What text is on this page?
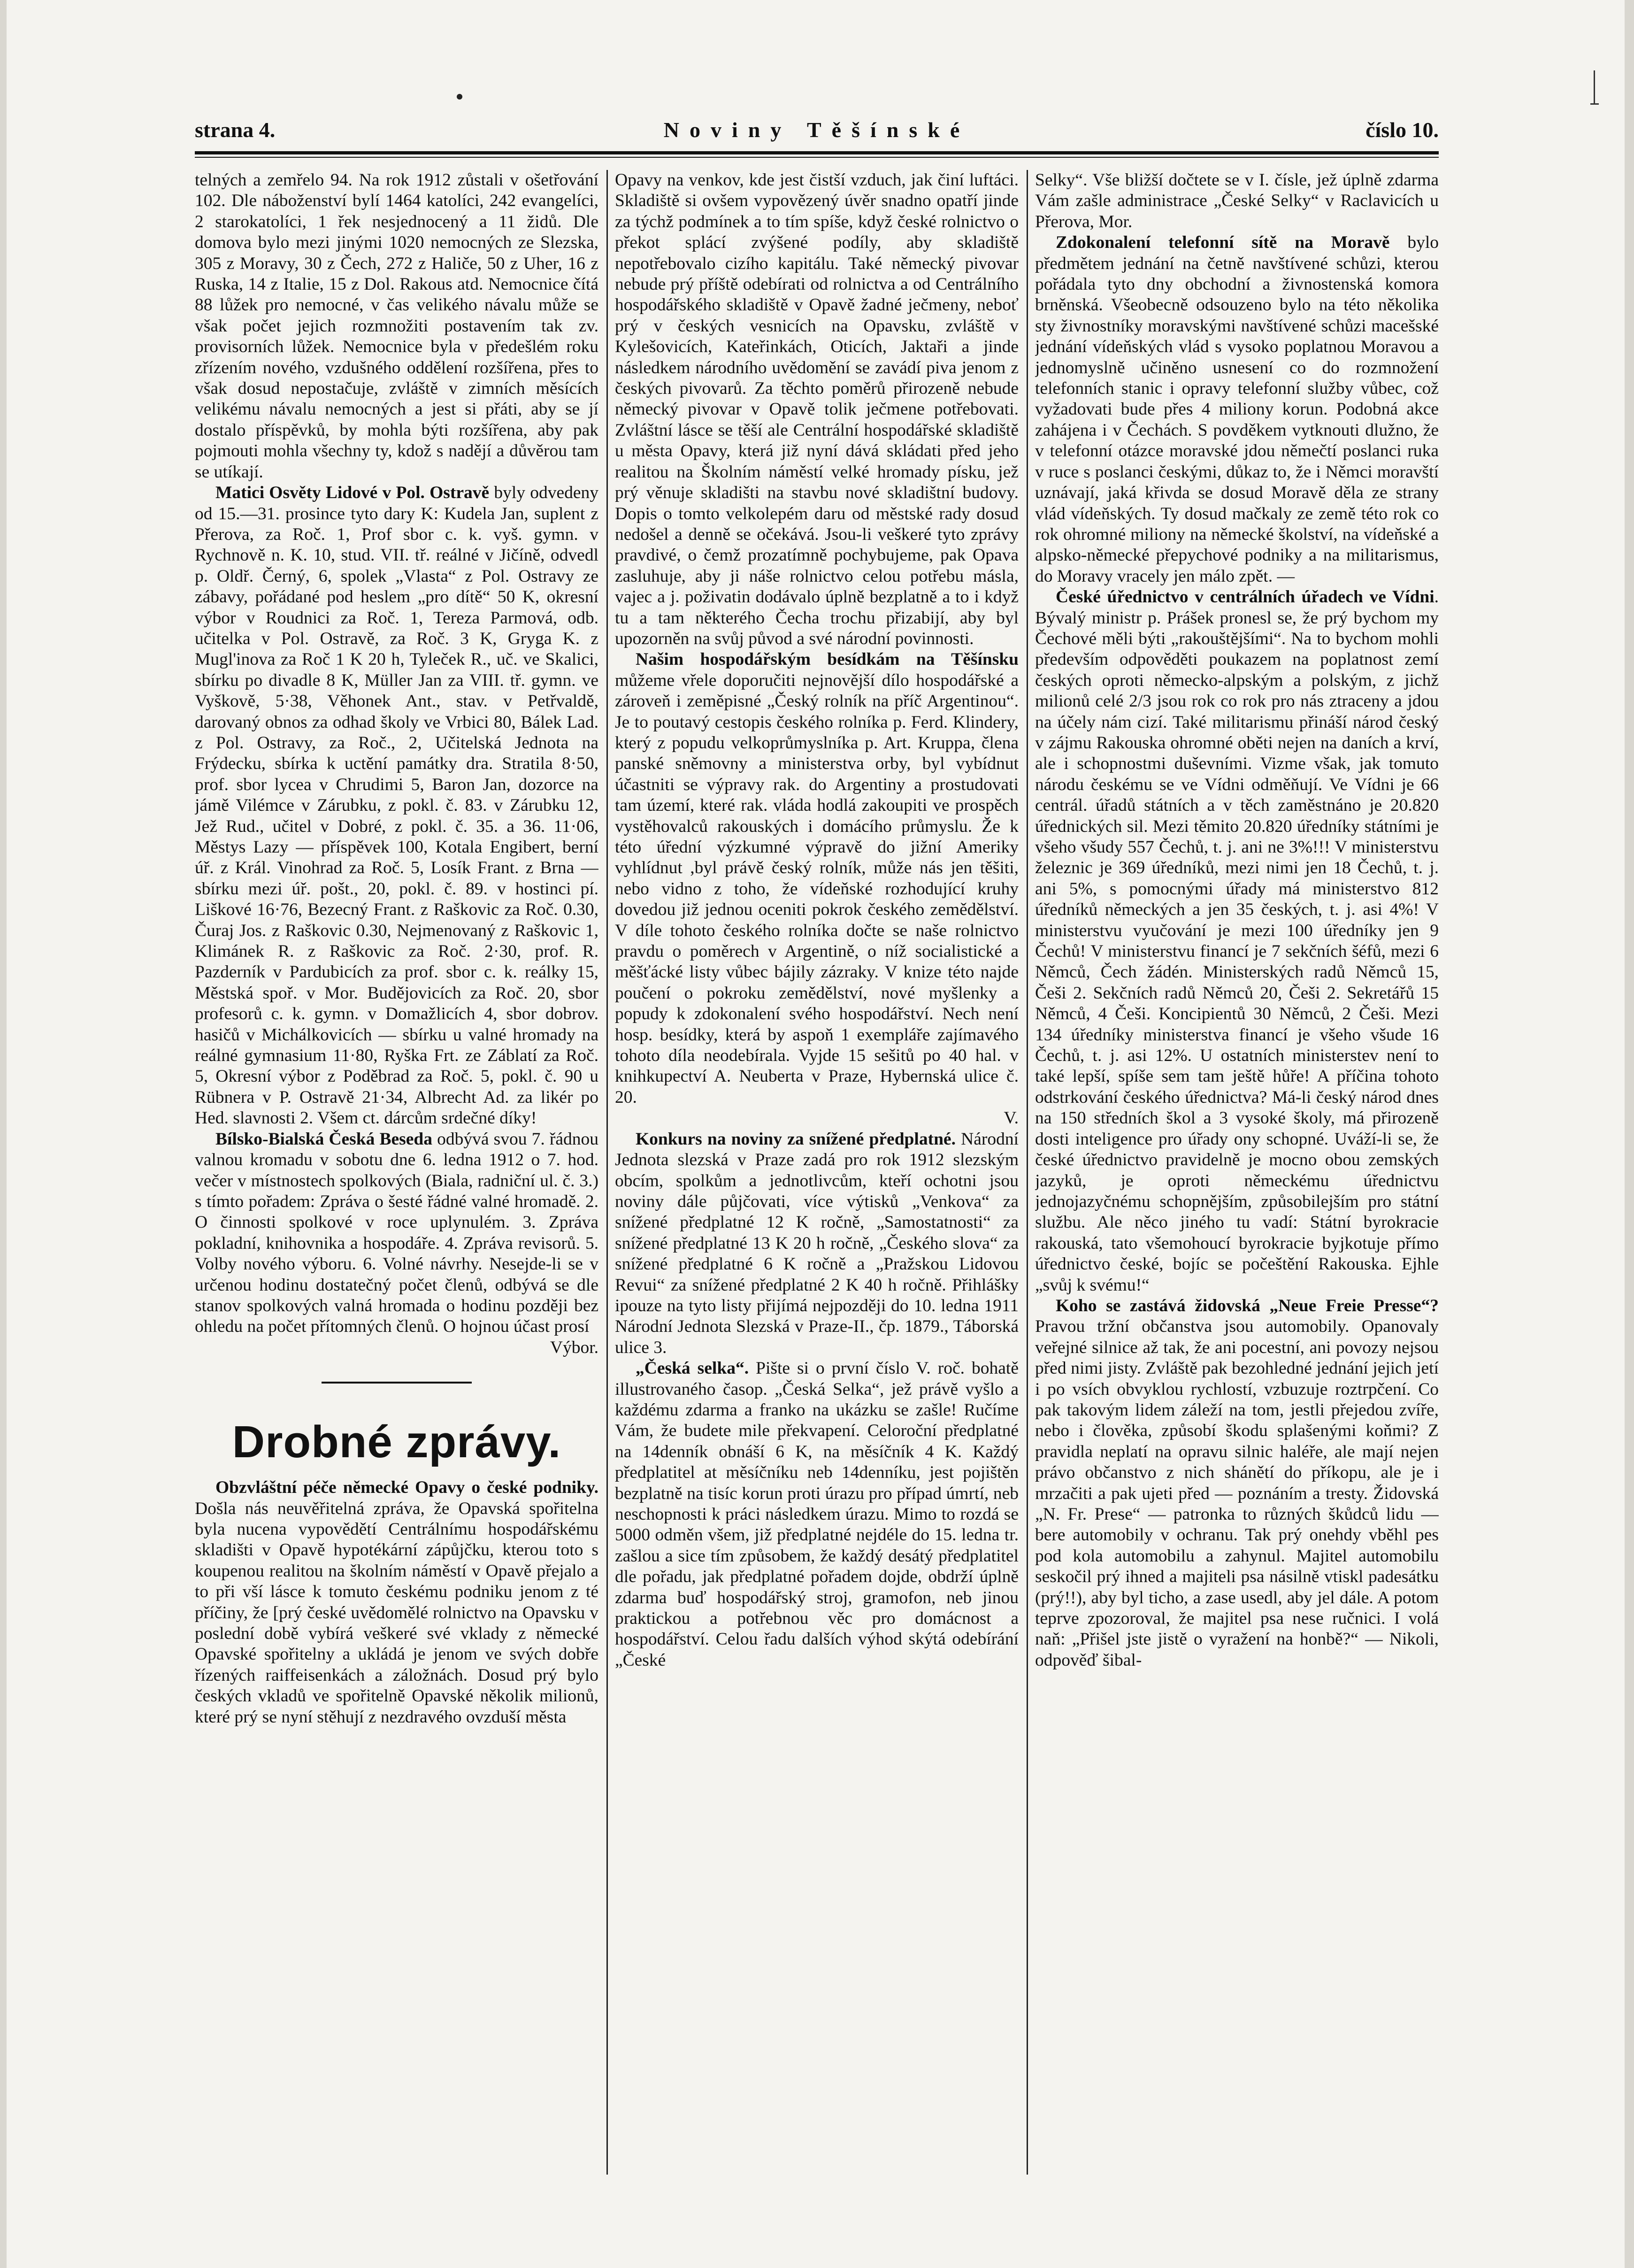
strana 4.	Noviny Těšínské	číslo 10.

telných a zemřelo 94. Na rok 1912 zůstali v ošetřování 102. Dle náboženství bylí 1464 katolíci, 242 evangelíci, 2 starokatolíci, 1 řek nesjednocený a 11 židů. Dle domova bylo mezi jinými 1020 nemocných ze Slezska, 305 z Moravy, 30 z Čech, 272 z Haliče, 50 z Uher, 16 z Ruska, 14 z Italie, 15 z Dol. Rakous atd. Nemocnice čítá 88 lůžek pro nemocné, v čas velikého návalu může se však počet jejich rozmnožiti postavením tak zv. provisorních lůžek. Nemocnice byla v předešlém roku zřízením nového, vzdušného oddělení rozšířena, přes to však dosud nepostačuje, zvláště v zimních měsících velikému návalu nemocných a jest si přáti, aby se jí dostalo příspěvků, by mohla býti rozšířena, aby pak pojmouti mohla všechny ty, kdož s nadějí a důvěrou tam se utíkají.

Matici Osvěty Lidové v Pol. Ostravě byly odvedeny od 15.—31. prosince tyto dary K: Kudela Jan, suplent z Přerova, za Roč. 1, Prof sbor c. k. vyš. gymn. v Rychnově n. K. 10, stud. VII. tř. reálné v Jičíně, odvedl p. Oldř. Černý, 6, spolek „Vlasta“ z Pol. Ostravy ze zábavy, pořádané pod heslem „pro dítě“ 50 K, okresní výbor v Roudnici za Roč. 1, Tereza Parmová, odb. učitelka v Pol. Ostravě, za Roč. 3 K, Gryga K. z Mugl'inova za Roč 1 K 20 h, Tyleček R., uč. ve Skalici, sbírku po divadle 8 K, Müller Jan za VIII. tř. gymn. ve Vyškově, 5·38, Věhonek Ant., stav. v Petřvaldě, darovaný obnos za odhad školy ve Vrbici 80, Bálek Lad. z Pol. Ostravy, za Roč., 2, Učitelská Jednota na Frýdecku, sbírka k uctění památky dra. Stratila 8·50, prof. sbor lycea v Chrudimi 5, Baron Jan, dozorce na jámě Vilémce v Zárubku, z pokl. č. 83. v Zárubku 12, Jež Rud., učitel v Dobré, z pokl. č. 35. a 36. 11·06, Městys Lazy — příspěvek 100, Kotala Engibert, berní úř. z Král. Vinohrad za Roč. 5, Losík Frant. z Brna — sbírku mezi úř. pošt., 20, pokl. č. 89. v hostinci pí. Liškové 16·76, Bezecný Frant. z Raškovic za Roč. 0.30, Čuraj Jos. z Raškovic 0.30, Nejmenovaný z Raškovic 1, Klimánek R. z Raškovic za Roč. 2·30, prof. R. Pazderník v Pardubicích za prof. sbor c. k. reálky 15, Městská spoř. v Mor. Budějovicích za Roč. 20, sbor profesorů c. k. gymn. v Domažlicích 4, sbor dobrov. hasičů v Michálkovicích — sbírku u valné hromady na reálné gymnasium 11·80, Ryška Frt. ze Záblatí za Roč. 5, Okresní výbor z Poděbrad za Roč. 5, pokl. č. 90 u Rübnera v P. Ostravě 21·34, Albrecht Ad. za likér po Hed. slavnosti 2. Všem ct. dárcům srdečné díky!

Bílsko-Bialská Česká Beseda odbývá svou 7. řádnou valnou kromadu v sobotu dne 6. ledna 1912 o 7. hod. večer v místnostech spolkových (Biala, radniční ul. č. 3.) s tímto pořadem: Zpráva o šesté řádné valné hromadě. 2. O činnosti spolkové v roce uplynulém. 3. Zpráva pokladní, knihovnika a hospodáře. 4. Zpráva revisorů. 5. Volby nového výboru. 6. Volné návrhy. Nesejde-li se v určenou hodinu dostatečný počet členů, odbývá se dle stanov spolkových valná hromada o hodinu později bez ohledu na počet přítomných členů. O hojnou účast prosí

Výbor.

Drobné zprávy.

Obzvláštní péče německé Opavy o české podniky. Došla nás neuvěřitelná zpráva, že Opavská spořitelna byla nucena vypovědětí Centrálnímu hospodářskému skladišti v Opavě hypotékární zápůjčku, kterou toto s koupenou realitou na školním náměstí v Opavě přejalo a to při vší lásce k tomuto českému podniku jenom z té příčiny, že [prý české uvědomělé rolnictvo na Opavsku v poslední době vybírá veškeré své vklady z německé Opavské spořitelny a ukládá je jenom ve svých dobře řízených raiffeisenkách a záložnách. Dosud prý bylo českých vkladů ve spořitelně Opavské několik milionů, které prý se nyní stěhují z nezdravého ovzduší města

Opavy na venkov, kde jest čistší vzduch, jak činí luftáci. Skladiště si ovšem vypovězený úvěr snadno opatří jinde za týchž podmínek a to tím spíše, když české rolnictvo o překot splácí zvýšené podíly, aby skladiště nepotřebovalo cizího kapitálu. Také německý pivovar nebude prý příště odebírati od rolnictva a od Centrálního hospodářského skladiště v Opavě žadné ječmeny, neboť prý v českých vesnicích na Opavsku, zvláště v Kylešovicích, Kateřinkách, Oticích, Jaktaři a jinde následkem národního uvědomění se zavádí piva jenom z českých pivovarů. Za těchto poměrů přirozeně nebude německý pivovar v Opavě tolik ječmene potřebovati. Zvláštní lásce se těší ale Centrální hospodářské skladiště u města Opavy, která již nyní dává skládati před jeho realitou na Školním náměstí velké hromady písku, jež prý věnuje skladišti na stavbu nové skladištní budovy. Dopis o tomto velkolepém daru od městské rady dosud nedošel a denně se očekává. Jsou-li veškeré tyto zprávy pravdivé, o čemž prozatímně pochybujeme, pak Opava zasluhuje, aby ji náše rolnictvo celou potřebu másla, vajec a j. poživatin dodávalo úplně bezplatně a to i když tu a tam některého Čecha trochu přizabijí, aby byl upozorněn na svůj původ a své národní povinnosti.

Našim hospodářským besídkám na Těšínsku můžeme vřele doporučiti nejnovější dílo hospodářské a zároveň i zeměpisné „Český rolník na příč Argentinou“. Je to poutavý cestopis českého rolníka p. Ferd. Klindery, který z popudu velkoprůmyslníka p. Art. Kruppa, člena panské sněmovny a ministerstva orby, byl vybídnut účastniti se výpravy rak. do Argentiny a prostudovati tam území, které rak. vláda hodlá zakoupiti ve prospěch vystěhovalců rakouských i domácího průmyslu. Že k této úřední výzkumné výpravě do jižní Ameriky vyhlídnut ,byl právě český rolník, může nás jen těšiti, nebo vidno z toho, že vídeňské rozhodující kruhy dovedou již jednou oceniti pokrok českého zemědělství. V díle tohoto českého rolníka dočte se naše rolnictvo pravdu o poměrech v Argentině, o níž socialistické a měšťácké listy vůbec bájily zázraky. V knize této najde poučení o pokroku zemědělství, nové myšlenky a popudy k zdokonalení svého hospodářství. Nech není hosp. besídky, která by aspoň 1 exempláře zajímavého tohoto díla neodebírala. Vyjde 15 sešitů po 40 hal. v knihkupectví A. Neuberta v Praze, Hybernská ulice č. 20.

V.

Konkurs na noviny za snížené předplatné. Národní Jednota slezská v Praze zadá pro rok 1912 slezským obcím, spolkům a jednotlivcům, kteří ochotni jsou noviny dále půjčovati, více výtisků „Venkova“ za snížené předplatné 12 K ročně, „Samostatnosti“ za snížené předplatné 13 K 20 h ročně, „Českého slova“ za snížené předplatné 6 K ročně a „Pražskou Lidovou Revui“ za snížené předplatné 2 K 40 h ročně. Přihlášky ipouze na tyto listy přijímá nejpozději do 10. ledna 1911 Národní Jednota Slezská v Praze-II., čp. 1879., Táborská ulice 3.

„Česká selka“. Pište si o první číslo V. roč. bohatě illustrovaného časop. „Česká Selka“, jež právě vyšlo a každému zdarma a franko na ukázku se zašle! Ručíme Vám, že budete mile překvapení. Celoroční předplatné na 14denník obnáší 6 K, na měsíčník 4 K. Každý předplatitel at měsíčníku neb 14denníku, jest pojištěn bezplatně na tisíc korun proti úrazu pro případ úmrtí, neb neschopnosti k práci následkem úrazu. Mimo to rozdá se 5000 odměn všem, již předplatné nejdéle do 15. ledna tr. zašlou a sice tím způsobem, že každý desátý předplatitel dle pořadu, jak předplatné pořadem dojde, obdrží úplně zdarma buď hospodářský stroj, gramofon, neb jinou praktickou a potřebnou věc pro domácnost a hospodářství. Celou řadu dalších výhod skýtá odebírání „České

Selky“. Vše bližší dočtete se v I. čísle, jež úplně zdarma Vám zašle administrace „České Selky“ v Raclavicích u Přerova, Mor.

Zdokonalení telefonní sítě na Moravě bylo předmětem jednání na četně navštívené schůzi, kterou pořádala tyto dny obchodní a živnostenská komora brněnská. Všeobecně odsouzeno bylo na této několika sty živnostníky moravskými navštívené schůzi macešské jednání vídeňských vlád s vysoko poplatnou Moravou a jednomyslně učiněno usnesení co do rozmnožení telefonních stanic i opravy telefonní služby vůbec, což vyžadovati bude přes 4 miliony korun. Podobná akce zahájena i v Čechách. S povděkem vytknouti dlužno, že v telefonní otázce moravské jdou němečtí poslanci ruka v ruce s poslanci českými, důkaz to, že i Němci moravští uznávají, jaká křivda se dosud Moravě děla ze strany vlád vídeňských. Ty dosud mačkaly ze země této rok co rok ohromné miliony na německé školství, na vídeňské a alpsko-německé přepychové podniky a na militarismus, do Moravy vracely jen málo zpět. —

České úřednictvo v centrálních úřadech ve Vídni. Bývalý ministr p. Prášek pronesl se, že prý bychom my Čechové měli býti „rakouštějšími“. Na to bychom mohli především odpověděti poukazem na poplatnost zemí českých oproti německo-alpským a polským, z jichž milionů celé 2/3 jsou rok co rok pro nás ztraceny a jdou na účely nám cizí. Také militarismu přináší národ český v zájmu Rakouska ohromné oběti nejen na daních a krví, ale i schopnostmi duševními. Vizme však, jak tomuto národu českému se ve Vídni odměňují. Ve Vídni je 66 centrál. úřadů státních a v těch zaměstnáno je 20.820 úřednických sil. Mezi těmito 20.820 úředníky státními je všeho všudy 557 Čechů, t. j. ani ne 3%!!! V ministerstvu železnic je 369 úředníků, mezi nimi jen 18 Čechů, t. j. ani 5%, s pomocnými úřady má ministerstvo 812 úředníků německých a jen 35 českých, t. j. asi 4%! V ministerstvu vyučování je mezi 100 úředníky jen 9 Čechů! V ministerstvu financí je 7 sekčních šéfů, mezi 6 Němců, Čech žádén. Ministerských radů Němců 15, Češi 2. Sekčních radů Němců 20, Češi 2. Sekretářů 15 Němců, 4 Češi. Koncipientů 30 Němců, 2 Češi. Mezi 134 úředníky ministerstva financí je všeho všude 16 Čechů, t. j. asi 12%. U ostatních ministerstev není to také lepší, spíše sem tam ještě hůře! A příčina tohoto odstrkování českého úřednictva? Má-li český národ dnes na 150 středních škol a 3 vysoké školy, má přirozeně dosti inteligence pro úřady ony schopné. Uváží-li se, že české úřednictvo pravidelně je mocno obou zemských jazyků, je oproti německému úřednictvu jednojazyčnému schopnějším, způsobilejším pro státní službu. Ale něco jiného tu vadí: Státní byrokracie rakouská, tato všemohoucí byrokracie byjkotuje přímo úřednictvo české, bojíc se počeštění Rakouska. Ejhle „svůj k svému!“

Koho se zastává židovská „Neue Freie Presse“? Pravou tržní občanstva jsou automobily. Opanovaly veřejné silnice až tak, že ani pocestní, ani povozy nejsou před nimi jisty. Zvláště pak bezohledné jednání jejich jetí i po vsích obvyklou rychlostí, vzbuzuje roztrpčení. Co pak takovým lidem záleží na tom, jestli přejedou zvíře, nebo i člověka, způsobí škodu splašenými koňmi? Z pravidla neplatí na opravu silnic haléře, ale mají nejen právo občanstvo z nich shánětí do příkopu, ale je i mrzačiti a pak ujeti před — poznáním a tresty. Židovská „N. Fr. Prese“ — patronka to různých škůdců lidu — bere automobily v ochranu. Tak prý onehdy vběhl pes pod kola automobilu a zahynul. Majitel automobilu seskočil prý ihned a majiteli psa násilně vtiskl padesátku (prý!!), aby byl ticho, a zase usedl, aby jel dále. A potom teprve zpozoroval, že majitel psa nese ručnici. I volá naň: „Přišel jste jistě o vyražení na honbě?“ — Nikoli, odpověď šibal-
